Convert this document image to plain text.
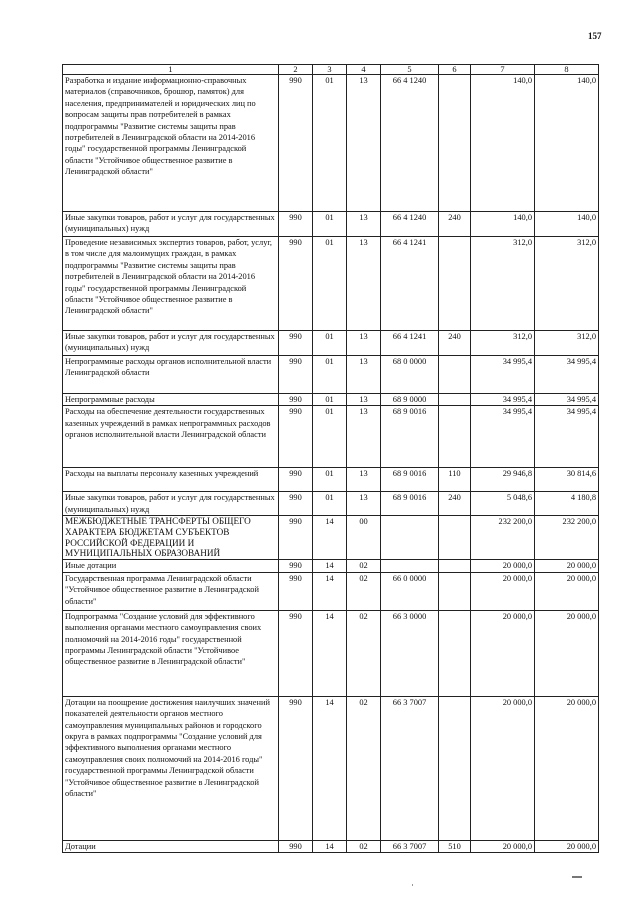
157
1	2	3	4	5	6	7	8
Разработка и издание информационно-справочных материалов (справочников, брошюр, памяток) для населения, предпринимателей и юридических лиц по вопросам защиты прав потребителей в рамках подпрограммы "Развитие системы защиты прав потребителей в Ленинградской области на 2014-2016 годы" государственной программы Ленинградской области "Устойчивое общественное развитие в Ленинградской области"	990	01	13	66 4 1240		140,0	140,0
Иные закупки товаров, работ и услуг для государственных (муниципальных) нужд	990	01	13	66 4 1240	240	140,0	140,0
Проведение независимых экспертиз товаров, работ, услуг, в том числе для малоимущих граждан, в рамках подпрограммы "Развитие системы защиты прав потребителей в Ленинградской области на 2014-2016 годы" государственной программы Ленинградской области "Устойчивое общественное развитие в Ленинградской области"	990	01	13	66 4 1241		312,0	312,0
Иные закупки товаров, работ и услуг для государственных (муниципальных) нужд	990	01	13	66 4 1241	240	312,0	312,0
Непрограммные расходы органов исполнительной власти Ленинградской области	990	01	13	68 0 0000		34 995,4	34 995,4
Непрограммные расходы	990	01	13	68 9 0000		34 995,4	34 995,4
Расходы на обеспечение деятельности государственных казенных учреждений в рамках непрограммных расходов органов исполнительной власти Ленинградской области	990	01	13	68 9 0016		34 995,4	34 995,4
Расходы на выплаты персоналу казенных учреждений	990	01	13	68 9 0016	110	29 946,8	30 814,6
Иные закупки товаров, работ и услуг для государственных (муниципальных) нужд	990	01	13	68 9 0016	240	5 048,6	4 180,8
МЕЖБЮДЖЕТНЫЕ ТРАНСФЕРТЫ ОБЩЕГО ХАРАКТЕРА БЮДЖЕТАМ СУБЪЕКТОВ РОССИЙСКОЙ ФЕДЕРАЦИИ И МУНИЦИПАЛЬНЫХ ОБРАЗОВАНИЙ	990	14	00			232 200,0	232 200,0
Иные дотации	990	14	02			20 000,0	20 000,0
Государственная программа Ленинградской области "Устойчивое общественное развитие в Ленинградской области"	990	14	02	66 0 0000		20 000,0	20 000,0
Подпрограмма "Создание условий для эффективного выполнения органами местного самоуправления своих полномочий на 2014-2016 годы" государственной программы Ленинградской области "Устойчивое общественное развитие в Ленинградской области"	990	14	02	66 3 0000		20 000,0	20 000,0
Дотации на поощрение достижения наилучших значений показателей деятельности органов местного самоуправления муниципальных районов и городского округа в рамках подпрограммы "Создание условий для эффективного выполнения органами местного самоуправления своих полномочий на 2014-2016 годы" государственной программы Ленинградской области "Устойчивое общественное развитие в Ленинградской области"	990	14	02	66 3 7007		20 000,0	20 000,0
Дотации	990	14	02	66 3 7007	510	20 000,0	20 000,0
